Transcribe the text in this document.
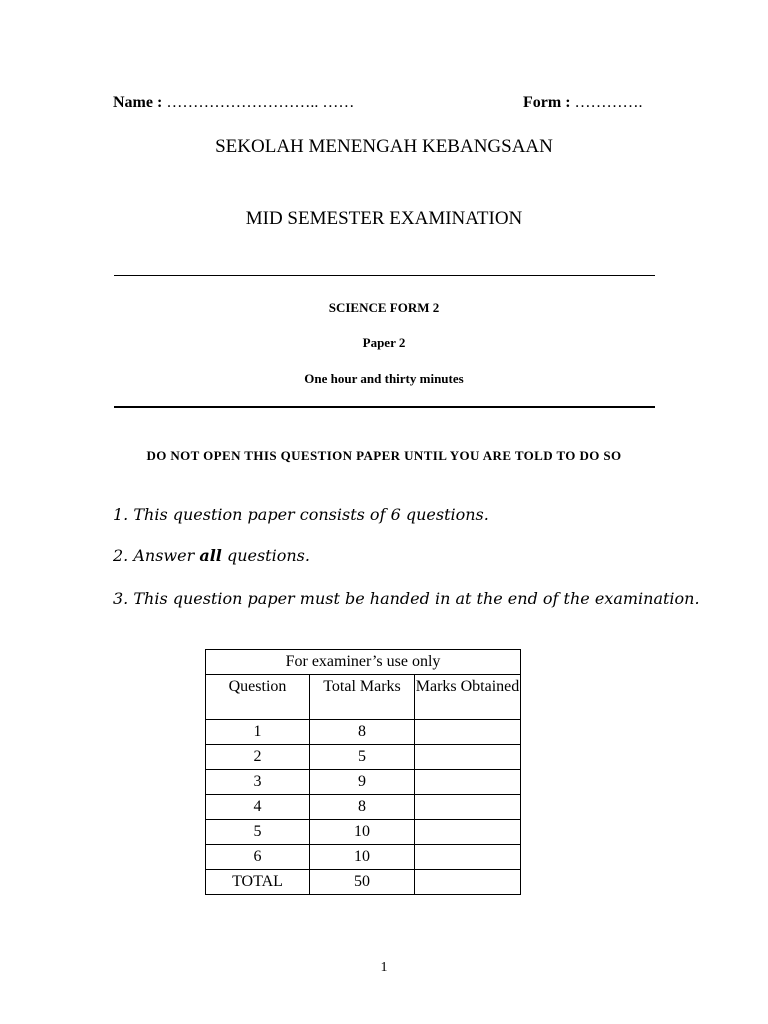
Name : ……………………….. ……	Form : ………….
SEKOLAH MENENGAH KEBANGSAAN
MID SEMESTER EXAMINATION
SCIENCE FORM 2
Paper 2
One hour and thirty minutes
DO NOT OPEN THIS QUESTION PAPER UNTIL YOU ARE TOLD TO DO SO
1. This question paper consists of 6 questions.
2. Answer all questions.
3. This question paper must be handed in at the end of the examination.
For examiner’s use only		
Question	Total Marks	Marks Obtained
1	8	
2	5	
3	9	
4	8	
5	10	
6	10	
TOTAL	50	
1
